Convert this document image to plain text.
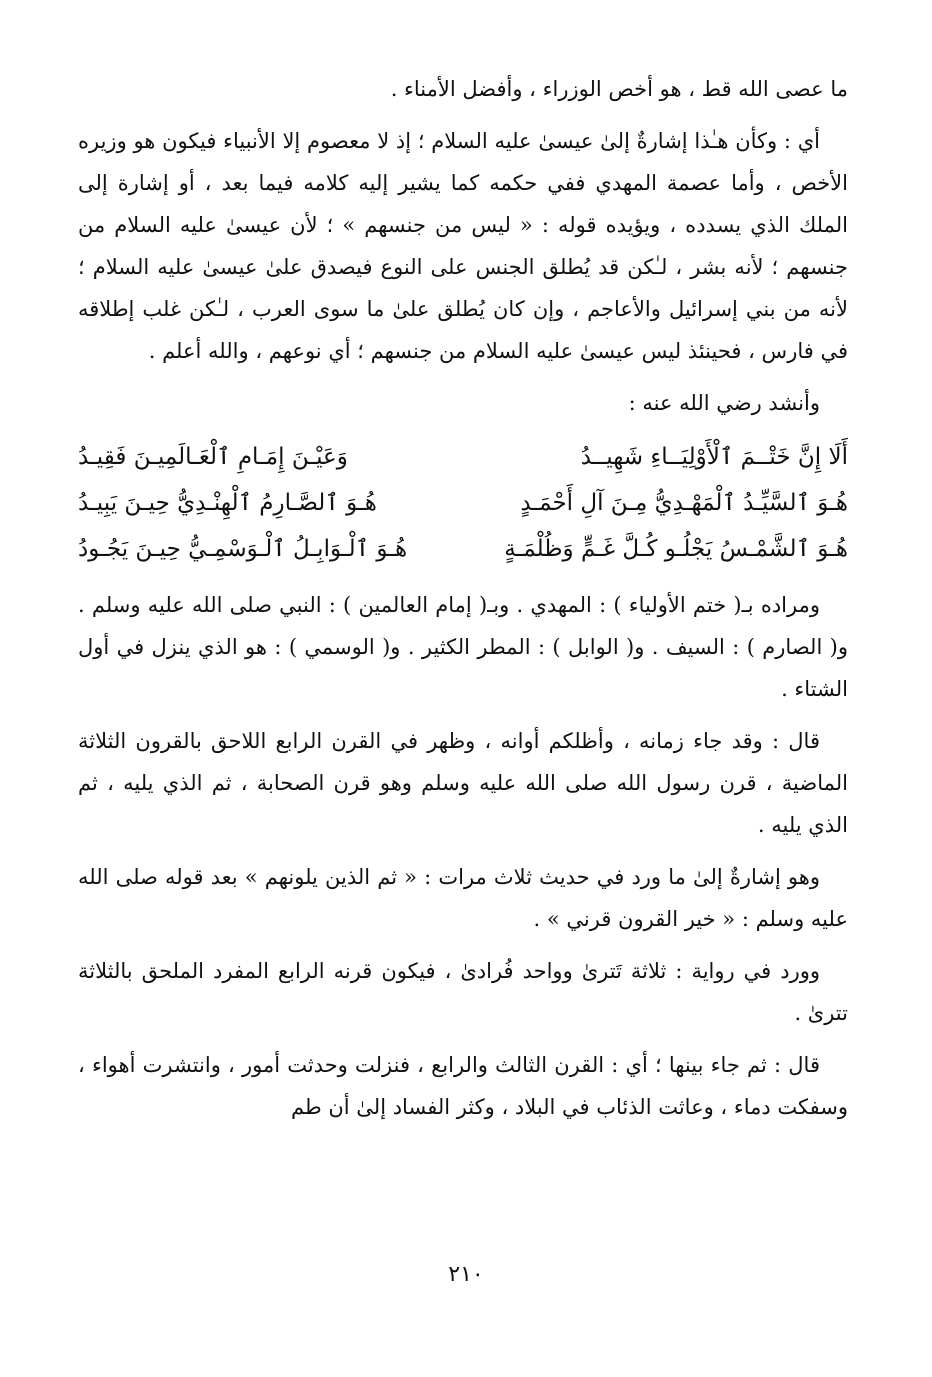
ما عصى الله قط ، هو أخص الوزراء ، وأفضل الأمناء .

أي : وكأن هـٰذا إشارةٌ إلىٰ عيسىٰ عليه السلام ؛ إذ لا معصوم إلا الأنبياء فيكون هو وزيره الأخص ، وأما عصمة المهدي ففي حكمه كما يشير إليه كلامه فيما بعد ، أو إشارة إلى الملك الذي يسدده ، ويؤيده قوله : « ليس من جنسهم » ؛ لأن عيسىٰ عليه السلام من جنسهم ؛ لأنه بشر ، لـٰكن قد يُطلق الجنس على النوع فيصدق علىٰ عيسىٰ عليه السلام ؛ لأنه من بني إسرائيل والأعاجم ، وإن كان يُطلق علىٰ ما سوى العرب ، لـٰكن غلب إطلاقه في فارس ، فحينئذ ليس عيسىٰ عليه السلام من جنسهم ؛ أي نوعهم ، والله أعلم .

وأنشد رضي الله عنه :

أَلَا إِنَّ خَتْــمَ ٱلْأَوْلِيَــاءِ شَهِيــدُ
وَعَيْـنَ إِمَـامِ ٱلْعَـالَمِيـنَ فَقِيـدُ
هُـوَ ٱلسَّيِّـدُ ٱلْمَهْـدِيُّ مِـنَ آلِ أَحْمَـدٍ
هُـوَ ٱلصَّـارِمُ ٱلْهِنْـدِيُّ حِيـنَ يَبِيـدُ
هُـوَ ٱلشَّمْـسُ يَجْلُـو كُـلَّ غَـمٍّ وَظُلْمَـةٍ
هُـوَ ٱلْـوَابِـلُ ٱلْـوَسْمِـيُّ حِيـنَ يَجُـودُ

ومراده بـ( ختم الأولياء ) : المهدي . وبـ( إمام العالمين ) : النبي صلى الله عليه وسلم . و( الصارم ) : السيف . و( الوابل ) : المطر الكثير . و( الوسمي ) : هو الذي ينزل في أول الشتاء .

قال : وقد جاء زمانه ، وأظلكم أوانه ، وظهر في القرن الرابع اللاحق بالقرون الثلاثة الماضية ، قرن رسول الله صلى الله عليه وسلم وهو قرن الصحابة ، ثم الذي يليه ، ثم الذي يليه .

وهو إشارةٌ إلىٰ ما ورد في حديث ثلاث مرات : « ثم الذين يلونهم » بعد قوله صلى الله عليه وسلم : « خير القرون قرني » .

وورد في رواية : ثلاثة تَترىٰ وواحد فُرادىٰ ، فيكون قرنه الرابع المفرد الملحق بالثلاثة تترىٰ .

قال : ثم جاء بينها ؛ أي : القرن الثالث والرابع ، فنزلت وحدثت أمور ، وانتشرت أهواء ، وسفكت دماء ، وعاثت الذئاب في البلاد ، وكثر الفساد إلىٰ أن طم

٢١٠
